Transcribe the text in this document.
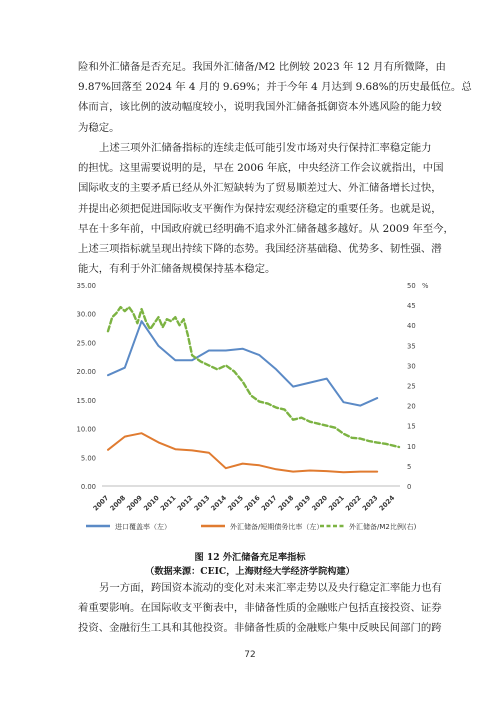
险和外汇储备是否充足。我国外汇储备/M2 比例较 2023 年 12 月有所微降，由
9.87%回落至 2024 年 4 月的 9.69%；并于今年 4 月达到 9.68%的历史最低位。总
体而言，该比例的波动幅度较小，说明我国外汇储备抵御资本外逃风险的能力较
为稳定。
上述三项外汇储备指标的连续走低可能引发市场对央行保持汇率稳定能力
的担忧。这里需要说明的是，早在 2006 年底，中央经济工作会议就指出，中国
国际收支的主要矛盾已经从外汇短缺转为了贸易顺差过大、外汇储备增长过快，
并提出必须把促进国际收支平衡作为保持宏观经济稳定的重要任务。也就是说，
早在十多年前，中国政府就已经明确不追求外汇储备越多越好。从 2009 年至今，
上述三项指标就呈现出持续下降的态势。我国经济基础稳、优势多、韧性强、潜
能大，有利于外汇储备规模保持基本稳定。
0.00
5.00
10.00
15.00
20.00
25.00
30.00
35.00
0
5
10
15
20
25
30
35
40
45
50 %
2007
2008
2009
2010
2011
2012
2013
2014
2015
2016
2017
2018
2019
2020
2021
2022
2023
2024
进口覆盖率（左）	外汇储备/短期债务比率（左）	外汇储备/M2比例(右)
图 12 外汇储备充足率指标
（数据来源：CEIC，上海财经大学经济学院构建）
另一方面，跨国资本流动的变化对未来汇率走势以及央行稳定汇率能力也有
着重要影响。在国际收支平衡表中，非储备性质的金融账户包括直接投资、证券
投资、金融衍生工具和其他投资。非储备性质的金融账户集中反映民间部门的跨
72
